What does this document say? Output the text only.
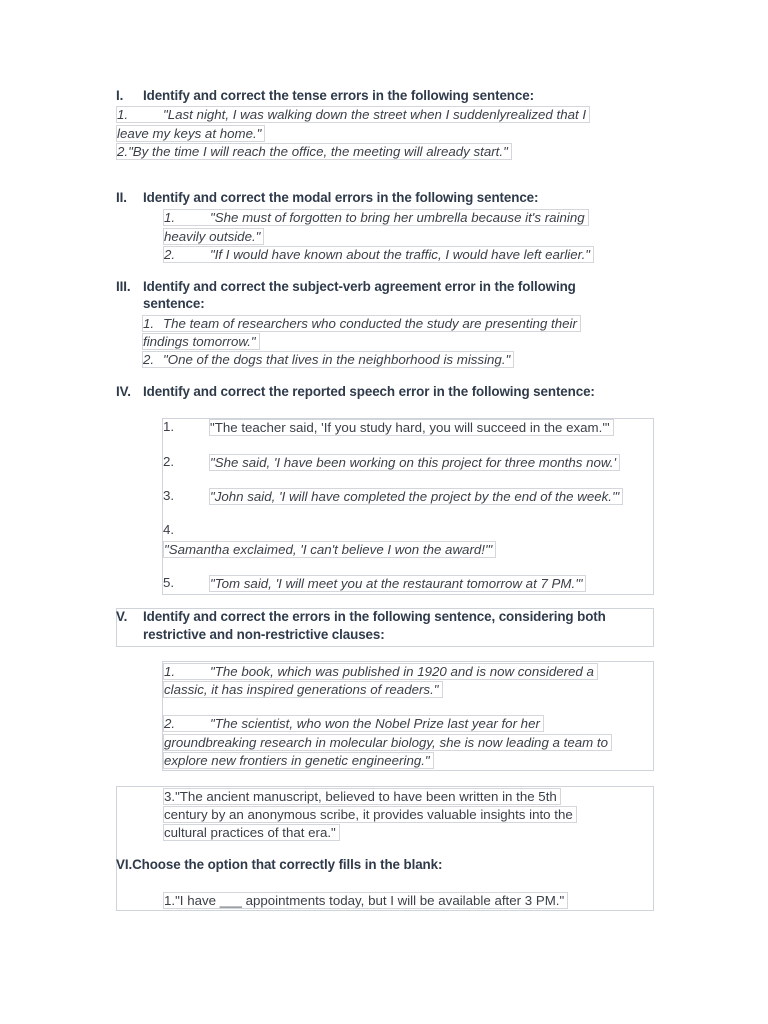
I. Identify and correct the tense errors in the following sentence:
1.	"Last night, I was walking down the street when I suddenlyrealized that I
leave my keys at home."
2."By the time I will reach the office, the meeting will already start."
II. Identify and correct the modal errors in the following sentence:
1.	"She must of forgotten to bring her umbrella because it's raining
heavily outside."
2.	"If I would have known about the traffic, I would have left earlier."
III. Identify and correct the subject-verb agreement error in the following
sentence:
1. The team of researchers who conducted the study are presenting their
findings tomorrow."
2. "One of the dogs that lives in the neighborhood is missing."
IV. Identify and correct the reported speech error in the following sentence:
1.	"The teacher said, 'If you study hard, you will succeed in the exam.'"
2.	"She said, 'I have been working on this project for three months now.'
3.	"John said, 'I will have completed the project by the end of the week.'"
4.
"Samantha exclaimed, 'I can't believe I won the award!'"
5.	"Tom said, 'I will meet you at the restaurant tomorrow at 7 PM.'"
V. Identify and correct the errors in the following sentence, considering both
restrictive and non-restrictive clauses:
1.	"The book, which was published in 1920 and is now considered a
classic, it has inspired generations of readers."
2.	"The scientist, who won the Nobel Prize last year for her
groundbreaking research in molecular biology, she is now leading a team to
explore new frontiers in genetic engineering."
3."The ancient manuscript, believed to have been written in the 5th
century by an anonymous scribe, it provides valuable insights into the
cultural practices of that era."
VI.Choose the option that correctly fills in the blank:
1."I have ___ appointments today, but I will be available after 3 PM."
